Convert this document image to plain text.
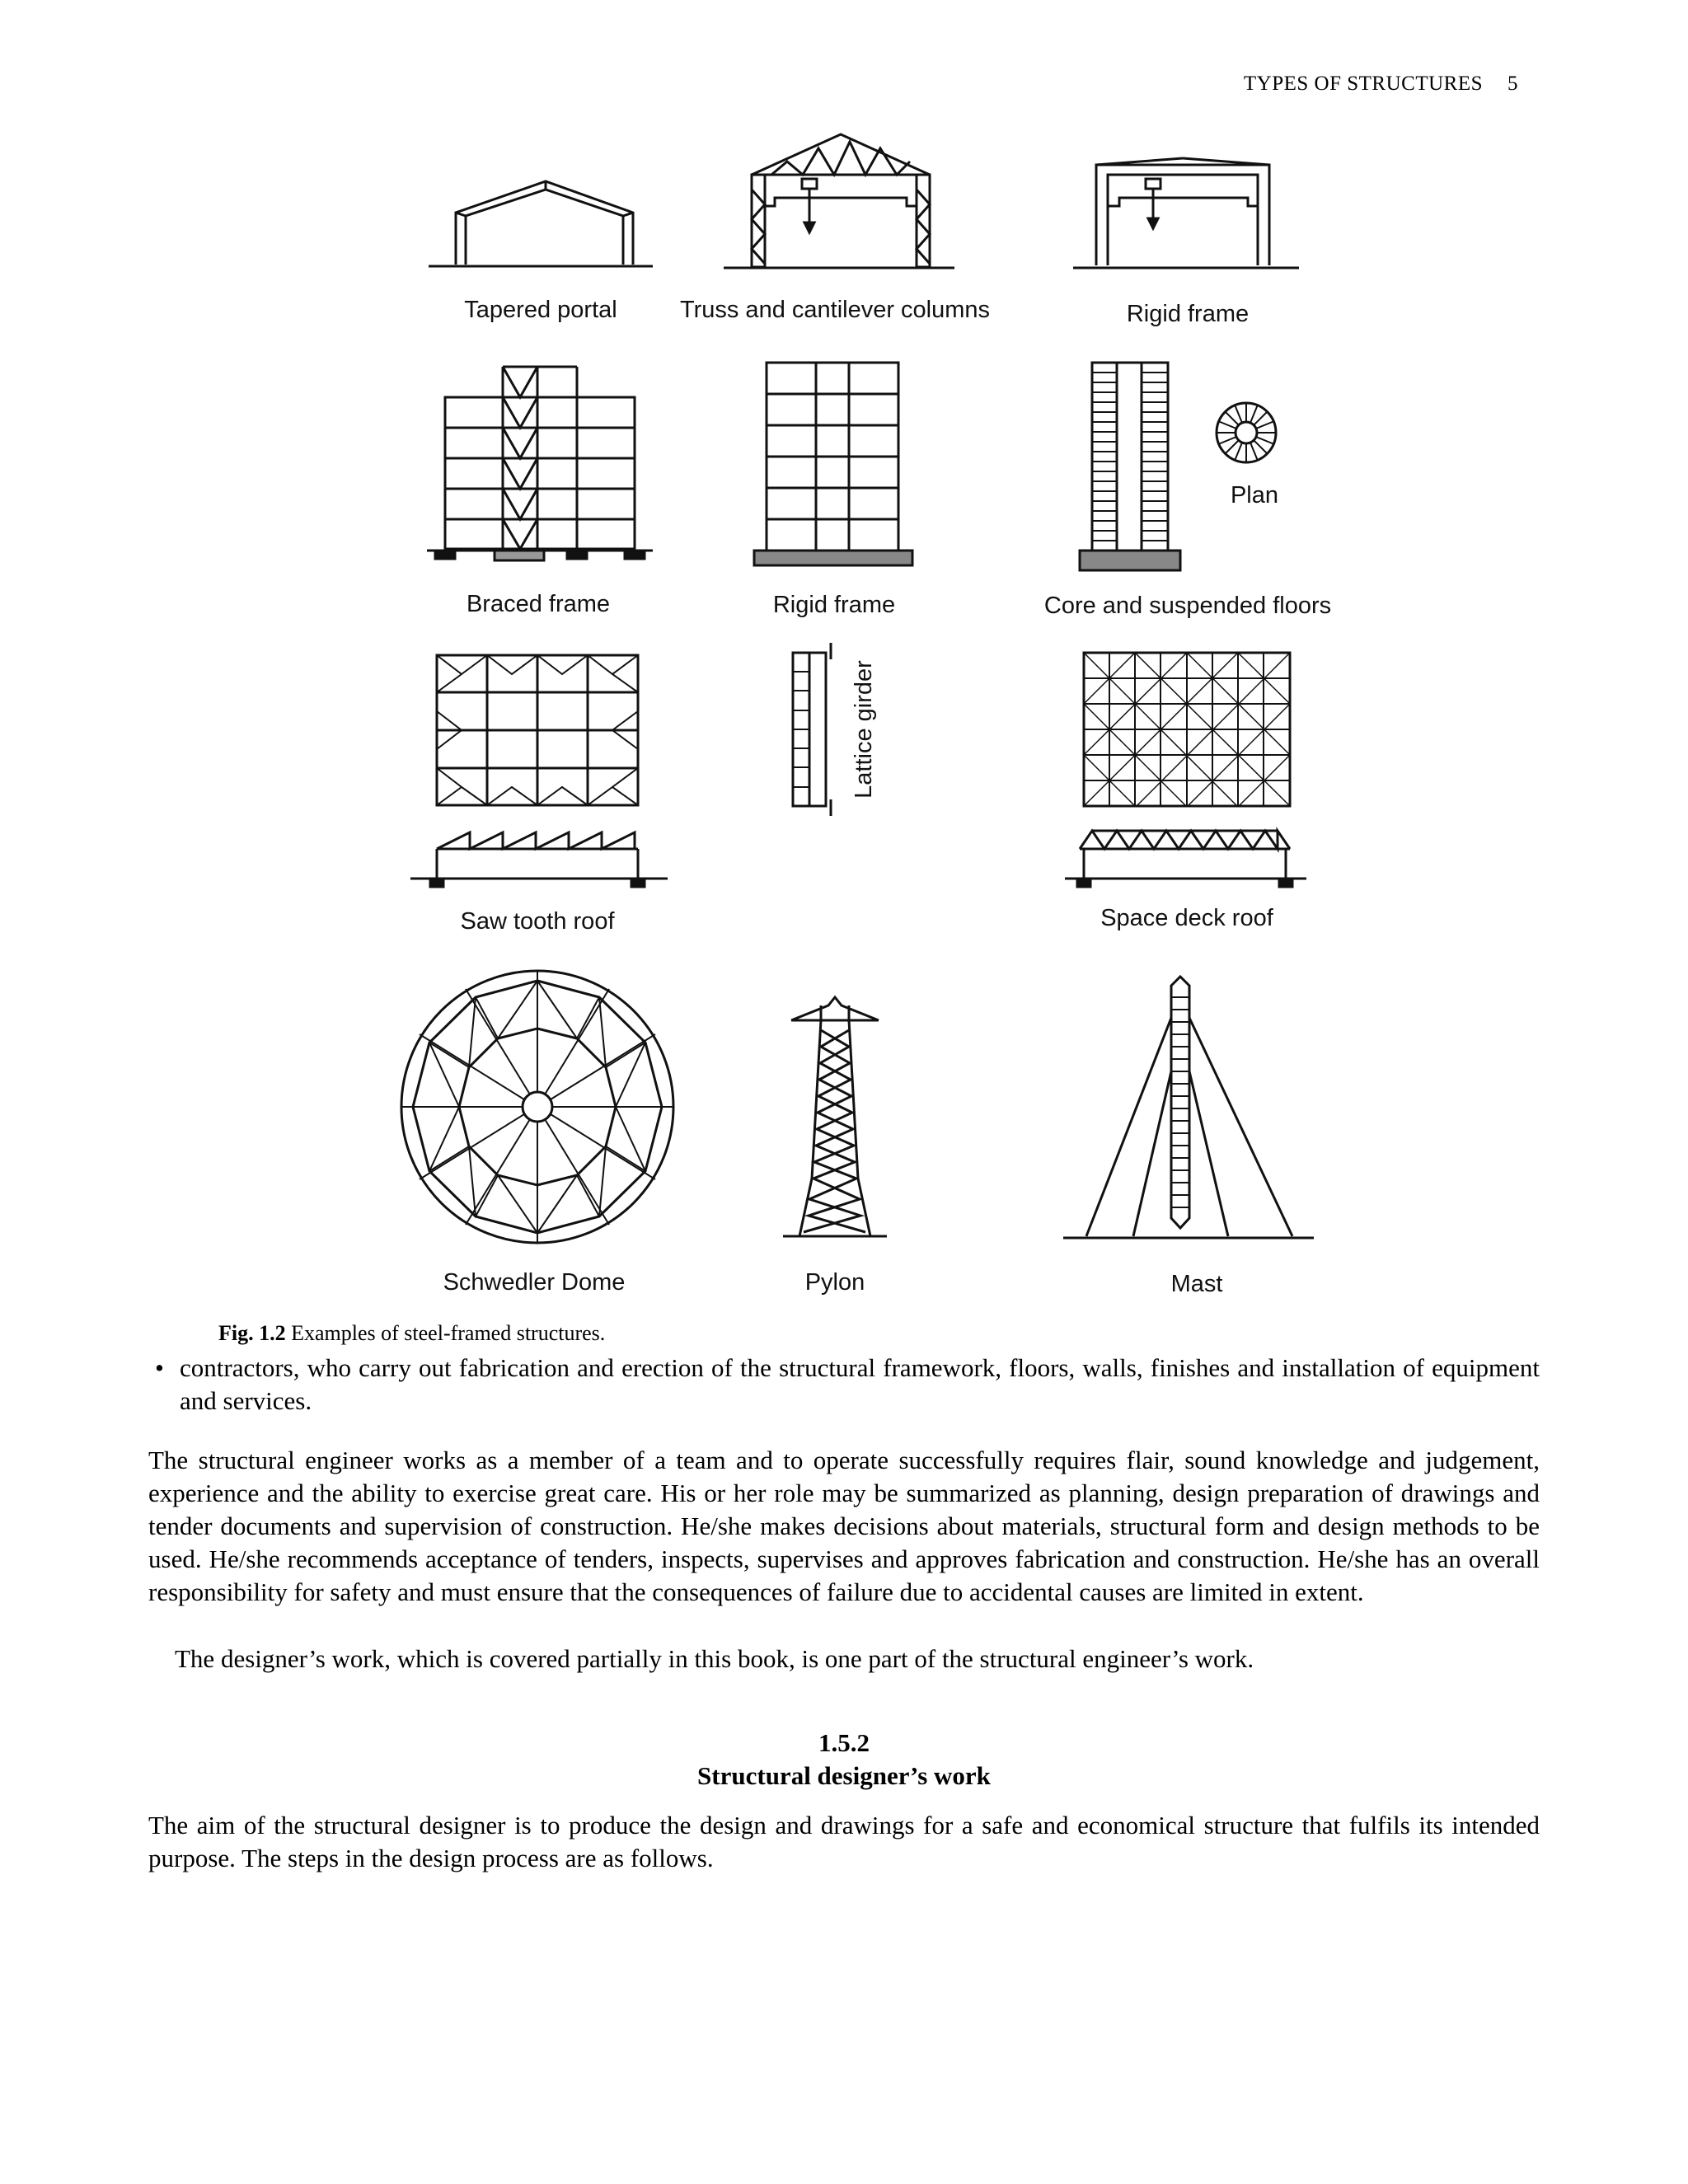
TYPES OF STRUCTURES 5
Tapered portal	Truss and cantilever columns	Rigid frame
Braced frame	Rigid frame	Core and suspended floors
Plan
Saw tooth roof
Lattice girder
Space deck roof
Schwedler Dome	Pylon	Mast
Fig. 1.2 Examples of steel-framed structures.
• contractors, who carry out fabrication and erection of the structural framework, floors, walls, finishes and installation of equipment and services.
The structural engineer works as a member of a team and to operate successfully requires flair, sound knowledge and judgement, experience and the ability to exercise great care. His or her role may be summarized as planning, design preparation of drawings and tender documents and supervision of construction. He/she makes decisions about materials, structural form and design methods to be used. He/she recommends acceptance of tenders, inspects, supervises and approves fabrication and construction. He/she has an overall responsibility for safety and must ensure that the consequences of failure due to accidental causes are limited in extent.
The designer’s work, which is covered partially in this book, is one part of the structural engineer’s work.
1.5.2
Structural designer’s work
The aim of the structural designer is to produce the design and drawings for a safe and economical structure that fulfils its intended purpose. The steps in the design process are as follows.
